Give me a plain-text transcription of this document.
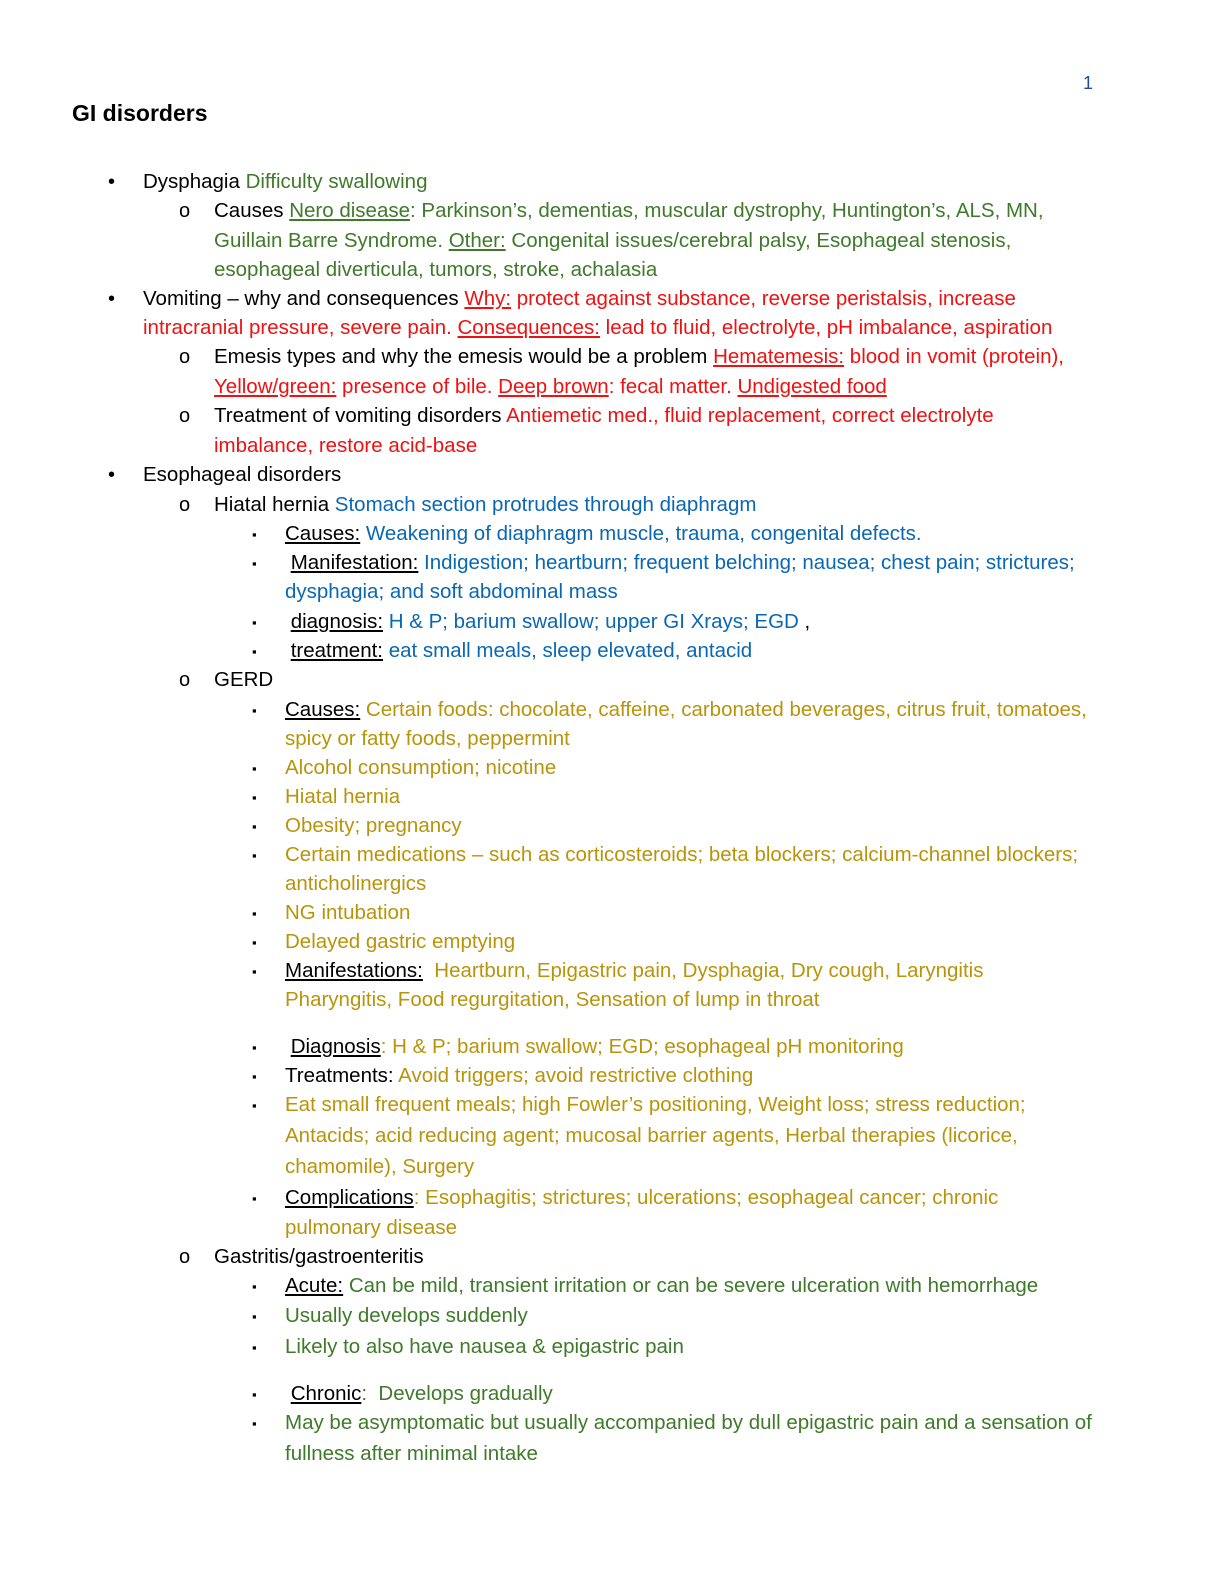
1
GI disorders
• Dysphagia Difficulty swallowing
o Causes Nero disease: Parkinson’s, dementias, muscular dystrophy, Huntington’s, ALS, MN,
Guillain Barre Syndrome. Other: Congenital issues/cerebral palsy, Esophageal stenosis,
esophageal diverticula, tumors, stroke, achalasia
• Vomiting – why and consequences Why: protect against substance, reverse peristalsis, increase
intracranial pressure, severe pain. Consequences: lead to fluid, electrolyte, pH imbalance, aspiration
o Emesis types and why the emesis would be a problem Hematemesis: blood in vomit (protein),
Yellow/green: presence of bile. Deep brown: fecal matter. Undigested food
o Treatment of vomiting disorders Antiemetic med., fluid replacement, correct electrolyte
imbalance, restore acid-base
• Esophageal disorders
o Hiatal hernia Stomach section protrudes through diaphragm
▪ Causes: Weakening of diaphragm muscle, trauma, congenital defects.
▪ Manifestation: Indigestion; heartburn; frequent belching; nausea; chest pain; strictures;
dysphagia; and soft abdominal mass
▪ diagnosis: H & P; barium swallow; upper GI Xrays; EGD ,
▪ treatment: eat small meals, sleep elevated, antacid
o GERD
▪ Causes: Certain foods: chocolate, caffeine, carbonated beverages, citrus fruit, tomatoes,
spicy or fatty foods, peppermint
▪ Alcohol consumption; nicotine
▪ Hiatal hernia
▪ Obesity; pregnancy
▪ Certain medications – such as corticosteroids; beta blockers; calcium-channel blockers;
anticholinergics
▪ NG intubation
▪ Delayed gastric emptying
▪ Manifestations:  Heartburn, Epigastric pain, Dysphagia, Dry cough, Laryngitis
Pharyngitis, Food regurgitation, Sensation of lump in throat
▪ Diagnosis: H & P; barium swallow; EGD; esophageal pH monitoring
▪ Treatments: Avoid triggers; avoid restrictive clothing
▪ Eat small frequent meals; high Fowler’s positioning, Weight loss; stress reduction;
Antacids; acid reducing agent; mucosal barrier agents, Herbal therapies (licorice,
chamomile), Surgery
▪ Complications: Esophagitis; strictures; ulcerations; esophageal cancer; chronic
pulmonary disease
o Gastritis/gastroenteritis
▪ Acute: Can be mild, transient irritation or can be severe ulceration with hemorrhage
▪ Usually develops suddenly
▪ Likely to also have nausea & epigastric pain
▪ Chronic:  Develops gradually
▪ May be asymptomatic but usually accompanied by dull epigastric pain and a sensation of
fullness after minimal intake
